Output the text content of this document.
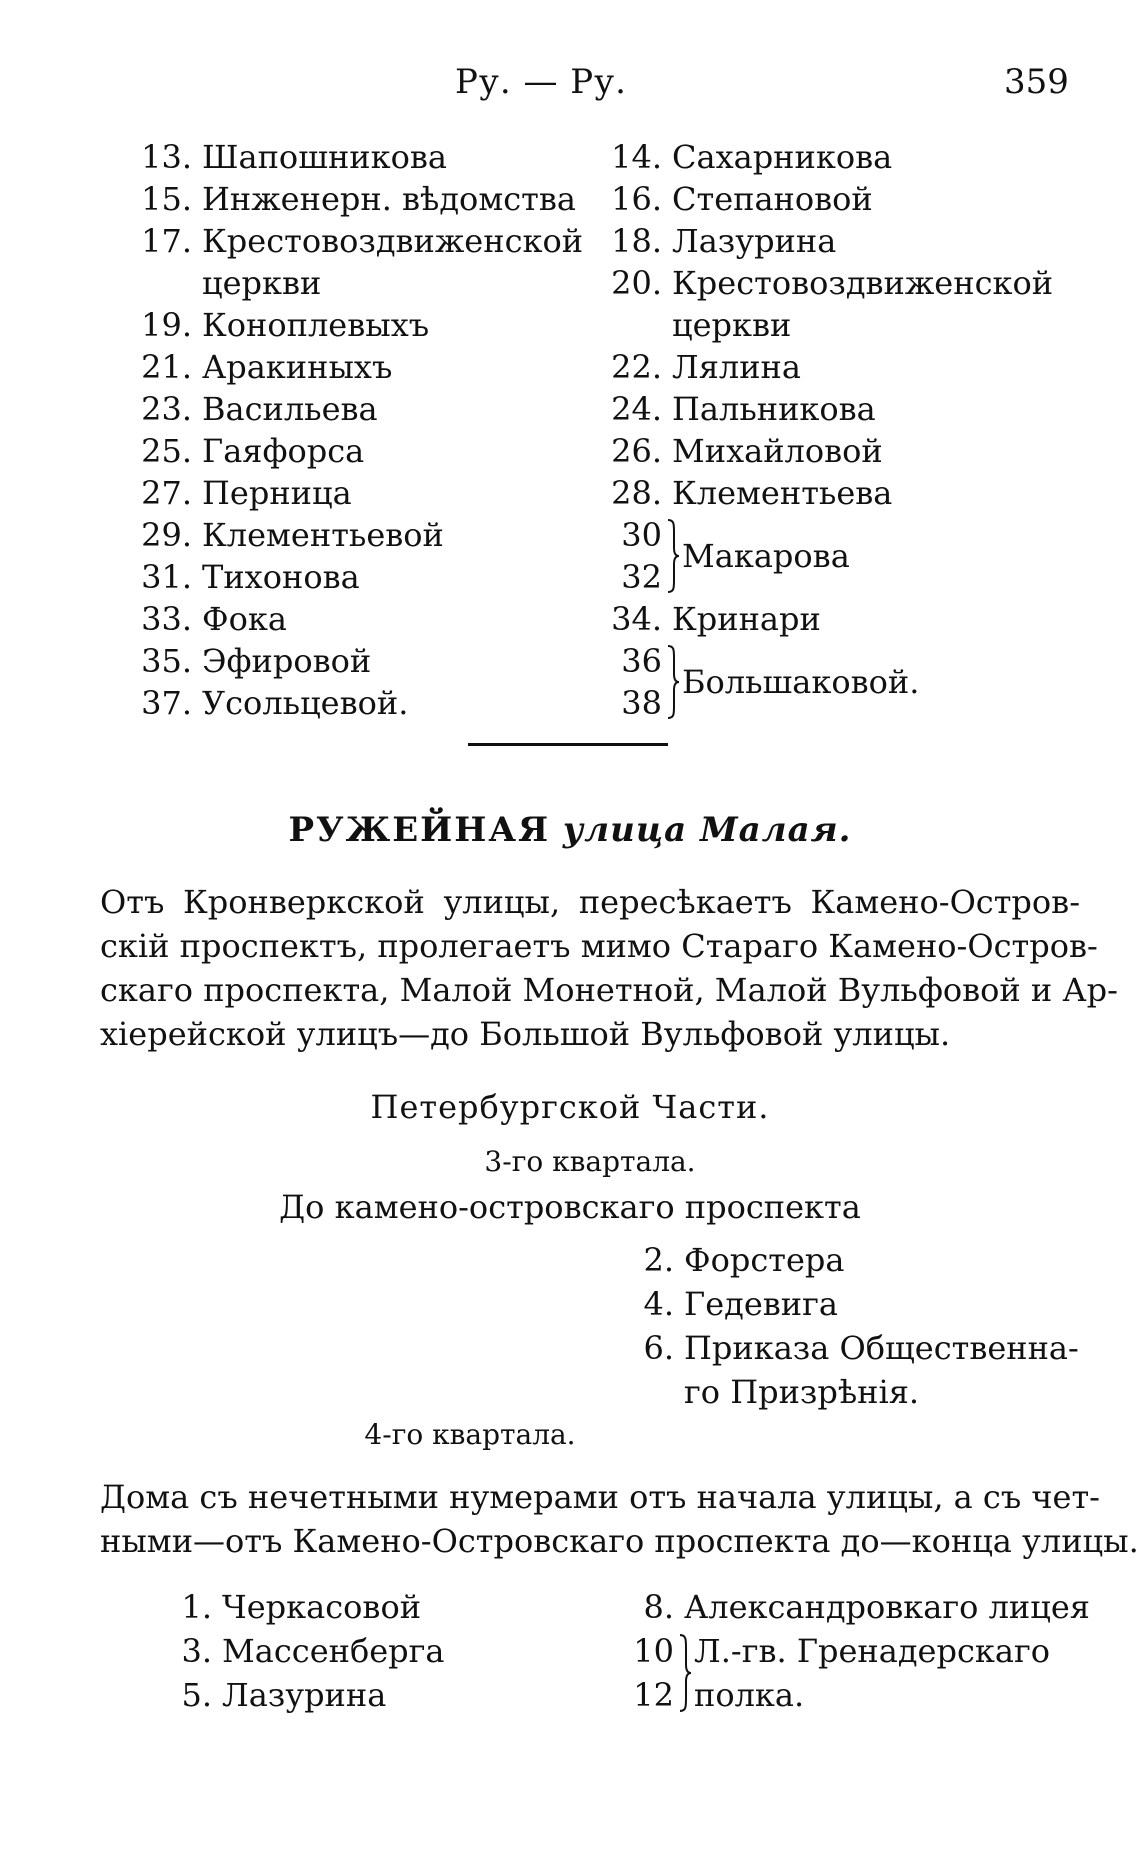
Ру. — Ру.	359
13. Шапошникова
15. Инженерн. вѣдомства
17. Крестовоздвиженской
церкви
19. Коноплевыхъ
21. Аракиныхъ
23. Васильева
25. Гаяфорса
27. Перница
29. Клементьевой
31. Тихонова
33. Фока
35. Эфировой
37. Усольцевой.
14. Сахарникова
16. Степановой
18. Лазурина
20. Крестовоздвиженской
церкви
22. Лялина
24. Пальникова
26. Михайловой
28. Клементьева
30
32
Макарова
34. Кринари
36
38
Большаковой.
РУЖЕЙНАЯ улица Малая.
Отъ Кронверкской улицы, пересѣкаетъ Камено-Остров-
скій проспектъ, пролегаетъ мимо Стараго Камено-Остров-
скаго проспекта, Малой Монетной, Малой Вульфовой и Ар-
хіерейской улицъ—до Большой Вульфовой улицы.
Петербургской Части.
3-го квартала.
До камено-островскаго проспекта
2. Форстера
4. Гедевига
6. Приказа Общественна-
го Призрѣнія.
4-го квартала.
Дома съ нечетными нумерами отъ начала улицы, а съ чет-
ными—отъ Камено-Островскаго проспекта до—конца улицы.
1. Черкасовой
3. Массенберга
5. Лазурина
8. Александровкаго лицея
10
12
Л.-гв. Гренадерскаго
полка.
